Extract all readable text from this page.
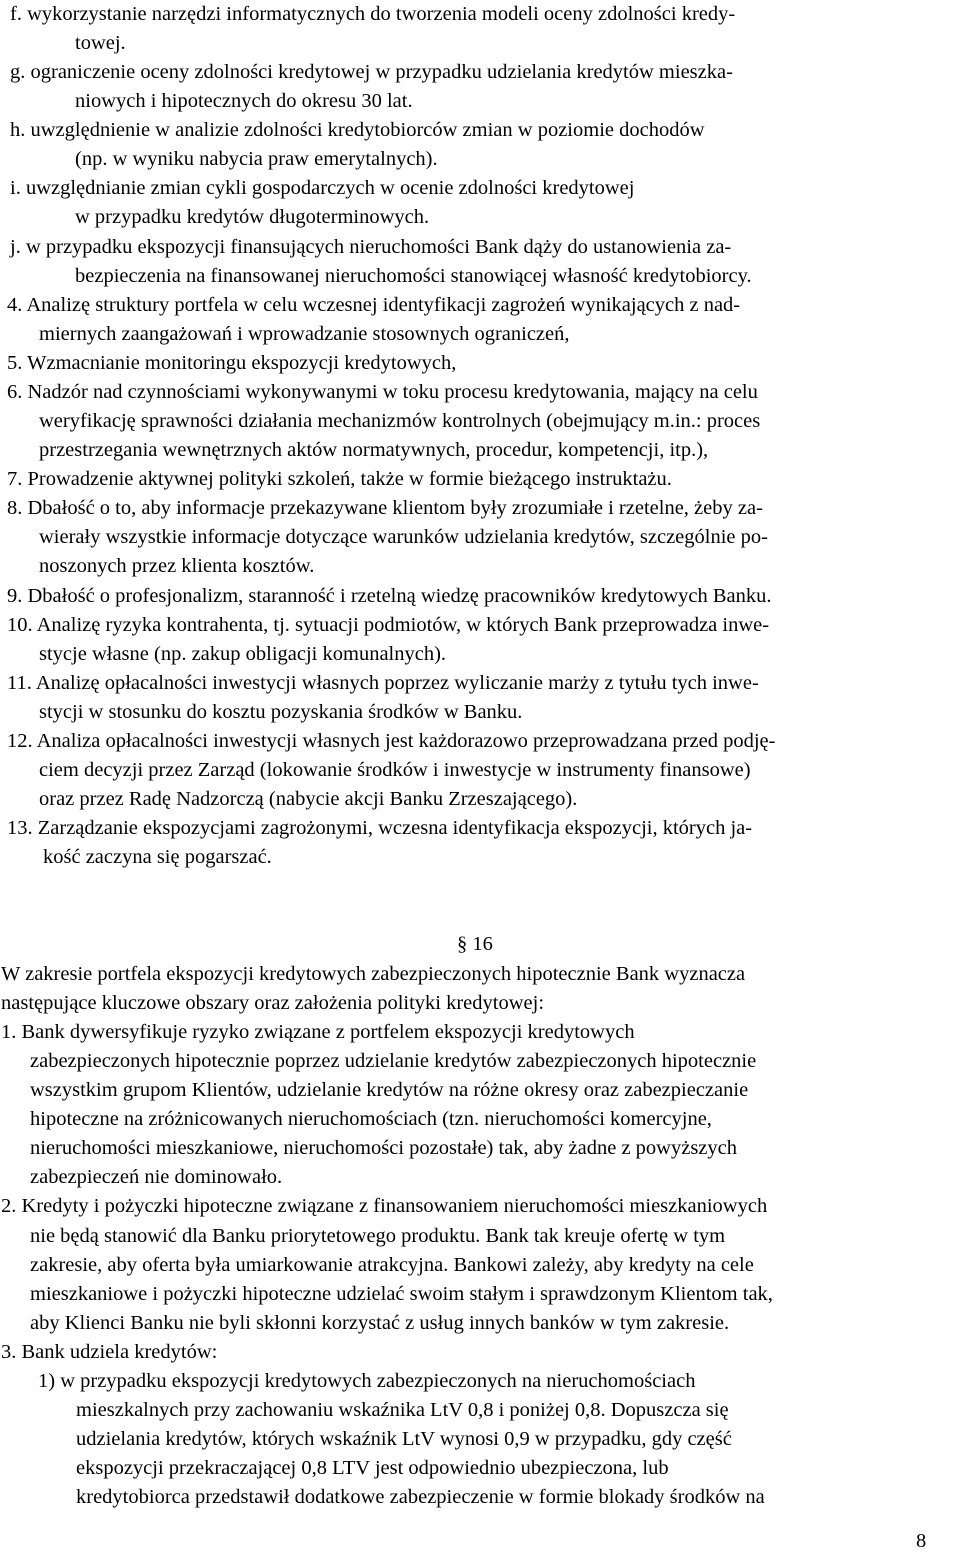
f. wykorzystanie narzędzi informatycznych do tworzenia modeli oceny zdolności kredy-
towej.
g. ograniczenie oceny zdolności kredytowej w przypadku udzielania kredytów mieszka-
niowych i hipotecznych do okresu 30 lat.
h. uwzględnienie w analizie zdolności kredytobiorców zmian w poziomie dochodów
(np. w wyniku nabycia praw emerytalnych).
i. uwzględnianie zmian cykli gospodarczych w ocenie zdolności kredytowej
w przypadku kredytów długoterminowych.
j. w przypadku ekspozycji finansujących nieruchomości Bank dąży do ustanowienia za-
bezpieczenia na finansowanej nieruchomości stanowiącej własność kredytobiorcy.
4. Analizę struktury portfela w celu wczesnej identyfikacji zagrożeń wynikających z nad-
miernych zaangażowań i wprowadzanie stosownych ograniczeń,
5. Wzmacnianie monitoringu ekspozycji kredytowych,
6. Nadzór nad czynnościami wykonywanymi w toku procesu kredytowania, mający na celu
weryfikację sprawności działania mechanizmów kontrolnych (obejmujący m.in.: proces
przestrzegania wewnętrznych aktów normatywnych, procedur, kompetencji, itp.),
7. Prowadzenie aktywnej polityki szkoleń, także w formie bieżącego instruktażu.
8. Dbałość o to, aby informacje przekazywane klientom były zrozumiałe i rzetelne, żeby za-
wierały wszystkie informacje dotyczące warunków udzielania kredytów, szczególnie po-
noszonych przez klienta kosztów.
9. Dbałość o profesjonalizm, staranność i rzetelną wiedzę pracowników kredytowych Banku.
10. Analizę ryzyka kontrahenta, tj. sytuacji podmiotów, w których Bank przeprowadza inwe-
stycje własne (np. zakup obligacji komunalnych).
11. Analizę opłacalności inwestycji własnych poprzez wyliczanie marży z tytułu tych inwe-
stycji w stosunku do kosztu pozyskania środków w Banku.
12. Analiza opłacalności inwestycji własnych jest każdorazowo przeprowadzana przed podję-
ciem decyzji przez Zarząd (lokowanie środków i inwestycje w instrumenty finansowe)
oraz przez Radę Nadzorczą (nabycie akcji Banku Zrzeszającego).
13. Zarządzanie ekspozycjami zagrożonymi, wczesna identyfikacja ekspozycji, których ja-
kość zaczyna się pogarszać.
§ 16
W zakresie portfela ekspozycji kredytowych zabezpieczonych hipotecznie Bank wyznacza
następujące kluczowe obszary oraz założenia polityki kredytowej:
1. Bank dywersyfikuje ryzyko związane z portfelem ekspozycji kredytowych
zabezpieczonych hipotecznie poprzez udzielanie kredytów zabezpieczonych hipotecznie
wszystkim grupom Klientów, udzielanie kredytów na różne okresy oraz zabezpieczanie
hipoteczne na zróżnicowanych nieruchomościach (tzn. nieruchomości komercyjne,
nieruchomości mieszkaniowe, nieruchomości pozostałe) tak, aby żadne z powyższych
zabezpieczeń nie dominowało.
2. Kredyty i pożyczki hipoteczne związane z finansowaniem nieruchomości mieszkaniowych
nie będą stanowić dla Banku priorytetowego produktu. Bank tak kreuje ofertę w tym
zakresie, aby oferta była umiarkowanie atrakcyjna. Bankowi zależy, aby kredyty na cele
mieszkaniowe i pożyczki hipoteczne udzielać swoim stałym i sprawdzonym Klientom tak,
aby Klienci Banku nie byli skłonni korzystać z usług innych banków w tym zakresie.
3. Bank udziela kredytów:
1) w przypadku ekspozycji kredytowych zabezpieczonych na nieruchomościach
mieszkalnych przy zachowaniu wskaźnika LtV 0,8 i poniżej 0,8. Dopuszcza się
udzielania kredytów, których wskaźnik LtV wynosi 0,9 w przypadku, gdy część
ekspozycji przekraczającej 0,8 LTV jest odpowiednio ubezpieczona, lub
kredytobiorca przedstawił dodatkowe zabezpieczenie w formie blokady środków na
8
